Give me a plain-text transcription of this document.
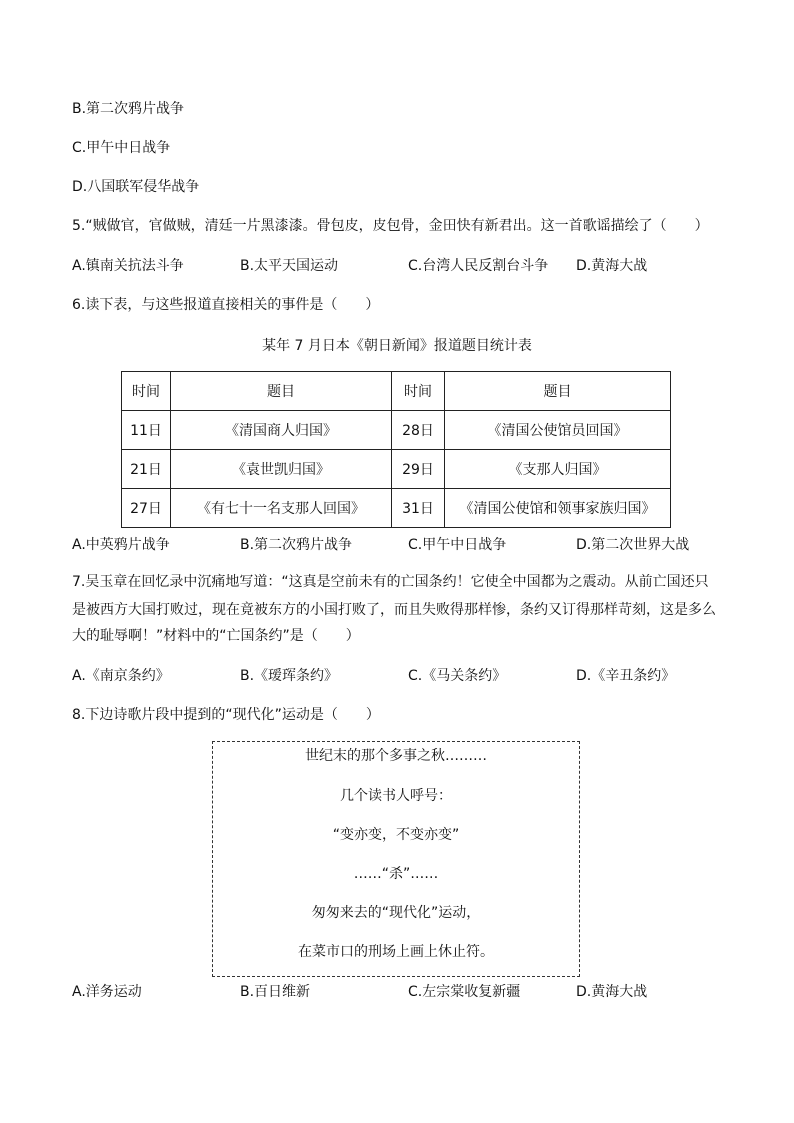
B.第二次鸦片战争
C.甲午中日战争
D.八国联军侵华战争
5.“贼做官，官做贼，清廷一片黑漆漆。骨包皮，皮包骨，金田快有新君出。这一首歌谣描绘了（　　）
A.镇南关抗法斗争	B.太平天国运动	C.台湾人民反割台斗争 D.黄海大战
6.读下表，与这些报道直接相关的事件是（　　）
某年 7 月日本《朝日新闻》报道题目统计表
时间	题目	时间	题目
11日	《清国商人归国》	28日	《清国公使馆员回国》
21日	《袁世凯归国》	29日	《支那人归国》
27日	《有七十一名支那人回国》	31日	《清国公使馆和领事家族归国》
A.中英鸦片战争	B.第二次鸦片战争	C.甲午中日战争	D.第二次世界大战
7.吴玉章在回忆录中沉痛地写道：“这真是空前未有的亡国条约！它使全中国都为之震动。从前亡国还只
是被西方大国打败过，现在竟被东方的小国打败了，而且失败得那样惨，条约又订得那样苛刻，这是多么
大的耻辱啊！”材料中的“亡国条约”是（　　）
A.《南京条约》	B.《瑷珲条约》	C.《马关条约》	D.《辛丑条约》
8.下边诗歌片段中提到的“现代化”运动是（　　）
世纪末的那个多事之秋………
几个读书人呼号：
“变亦变，不变亦变”
……“杀”……
匆匆来去的“现代化”运动，
在菜市口的刑场上画上休止符。
A.洋务运动	B.百日维新	C.左宗棠收复新疆	D.黄海大战
